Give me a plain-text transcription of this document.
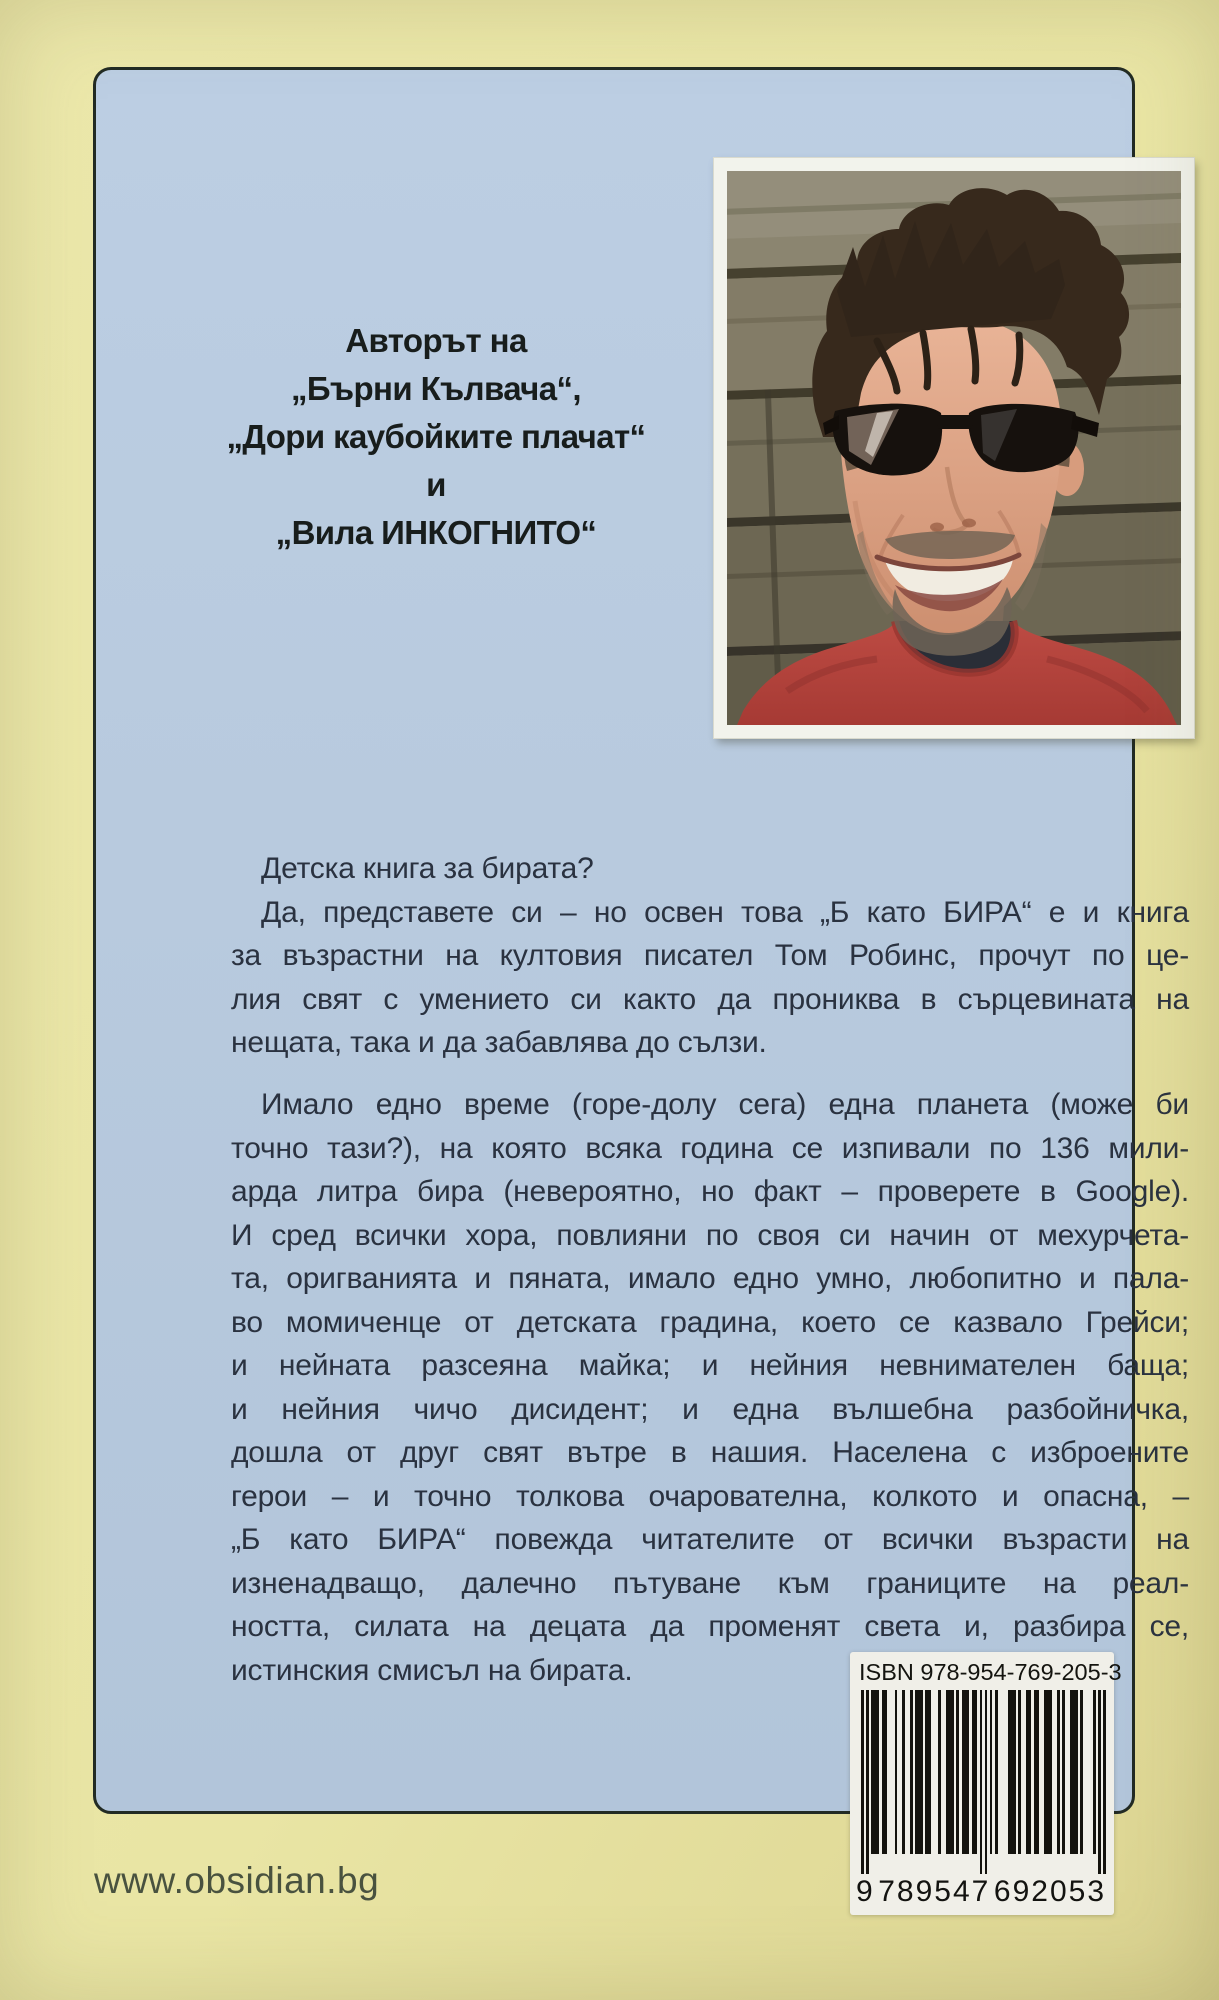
Авторът на
„Бърни Кълвача“,
„Дори каубойките плачат“
и
„Вила ИНКОГНИТО“
Детска книга за бирата?
Да, представете си – но освен това „Б като БИРА“ е и книга
за възрастни на култовия писател Том Робинс, прочут по це-
лия свят с умението си както да прониква в сърцевината на
нещата, така и да забавлява до сълзи.
Имало едно време (горе-долу сега) една планета (може би
точно тази?), на която всяка година се изпивали по 136 мили-
арда литра бира (невероятно, но факт – проверете в Google).
И сред всички хора, повлияни по своя си начин от мехурчета-
та, оригванията и пяната, имало едно умно, любопитно и пала-
во момиченце от детската градина, което се казвало Грейси;
и нейната разсеяна майка; и нейния невнимателен баща;
и нейния чичо дисидент; и една вълшебна разбойничка,
дошла от друг свят вътре в нашия. Населена с изброените
герои – и точно толкова очарователна, колкото и опасна, –
„Б като БИРА“ повежда читателите от всички възрасти на
изненадващо, далечно пътуване към границите на реал-
ността, силата на децата да променят света и, разбира се,
истинския смисъл на бирата.	ISBN 978-954-769-205-3
9 789547 692053
www.obsidian.bg
